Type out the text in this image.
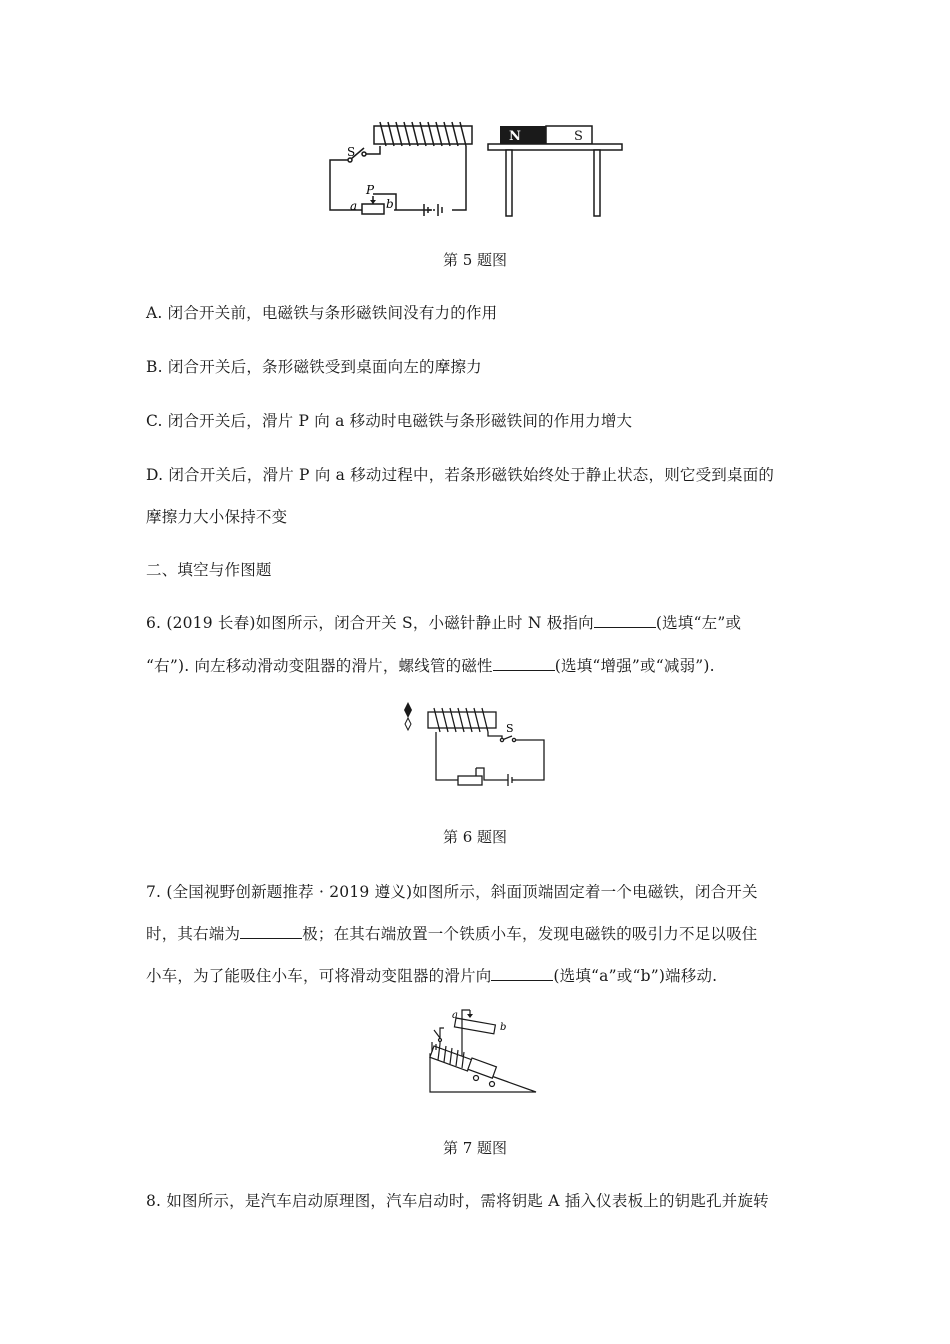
S
P
a b
N	S
第 5 题图
A. 闭合开关前，电磁铁与条形磁铁间没有力的作用
B. 闭合开关后，条形磁铁受到桌面向左的摩擦力
C. 闭合开关后，滑片 P 向 a 移动时电磁铁与条形磁铁间的作用力增大
D. 闭合开关后，滑片 P 向 a 移动过程中，若条形磁铁始终处于静止状态，则它受到桌面的
摩擦力大小保持不变
二、填空与作图题
6. (2019 长春)如图所示，闭合开关 S，小磁针静止时 N 极指向	(选填“左”或
“右”). 向左移动滑动变阻器的滑片，螺线管的磁性	(选填“增强”或“减弱”).
S
第 6 题图
7. (全国视野创新题推荐 · 2019 遵义)如图所示，斜面顶端固定着一个电磁铁，闭合开关
时，其右端为	极；在其右端放置一个铁质小车，发现电磁铁的吸引力不足以吸住
小车，为了能吸住小车，可将滑动变阻器的滑片向	(选填“a”或“b”)端移动.
a
b
第 7 题图
8. 如图所示，是汽车启动原理图，汽车启动时，需将钥匙 A 插入仪表板上的钥匙孔并旋转
